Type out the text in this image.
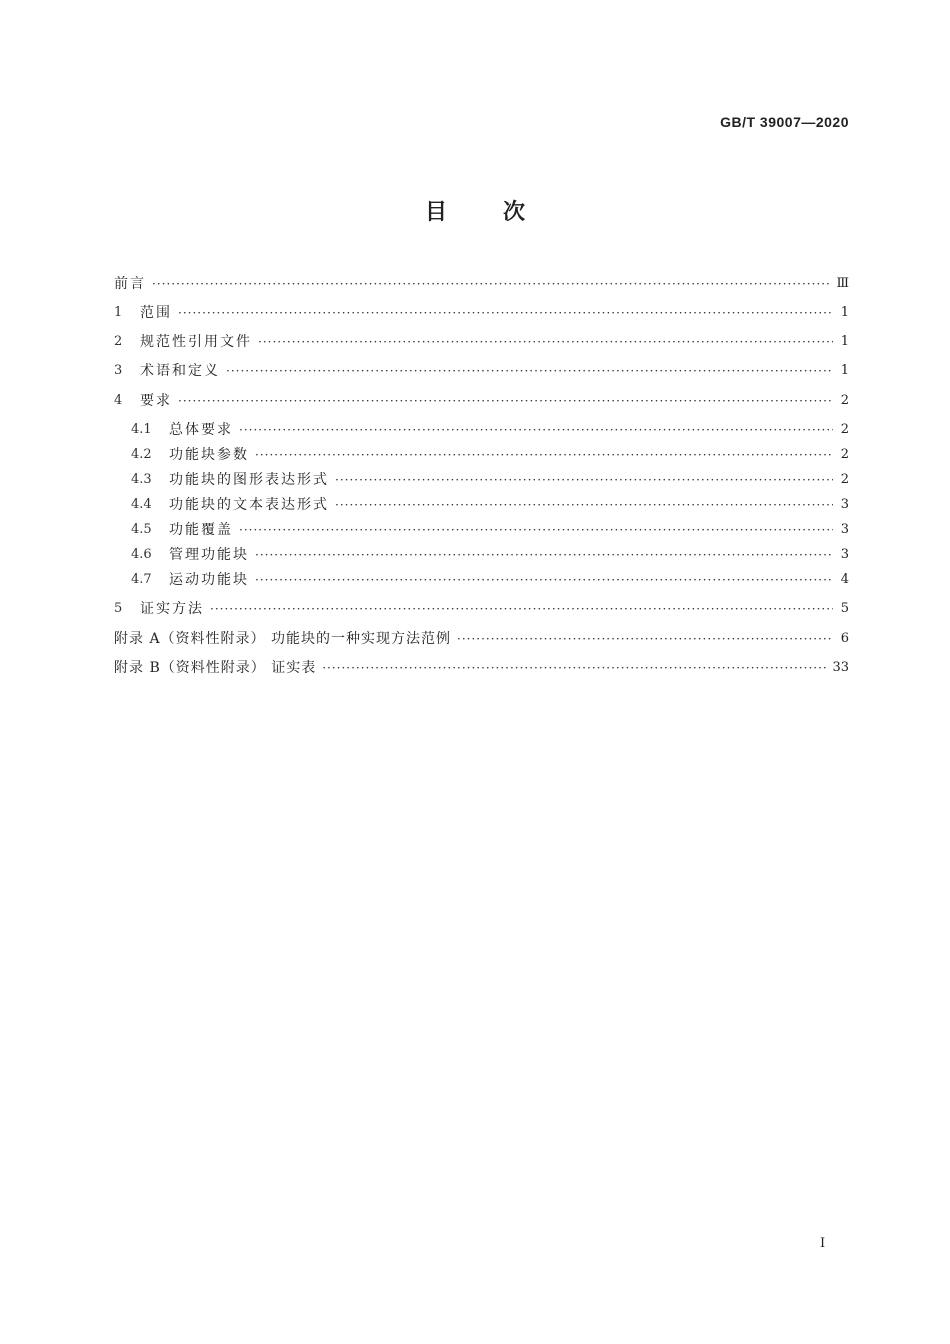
GB/T 39007—2020
目	次
前言 ·····	Ⅲ
1	范围 ·····	1
2	规范性引用文件 ·····	1
3	术语和定义 ·····	1
4	要求 ·····	2
4.1	总体要求 ·····	2
4.2	功能块参数 ·····	2
4.3	功能块的图形表达形式 ·····	2
4.4	功能块的文本表达形式 ·····	3
4.5	功能覆盖 ·····	3
4.6	管理功能块 ·····	3
4.7	运动功能块 ·····	4
5	证实方法 ·····	5
附录 A（资料性附录） 功能块的一种实现方法范例 ·····	6
附录 B（资料性附录） 证实表 ·····	33
Ⅰ
